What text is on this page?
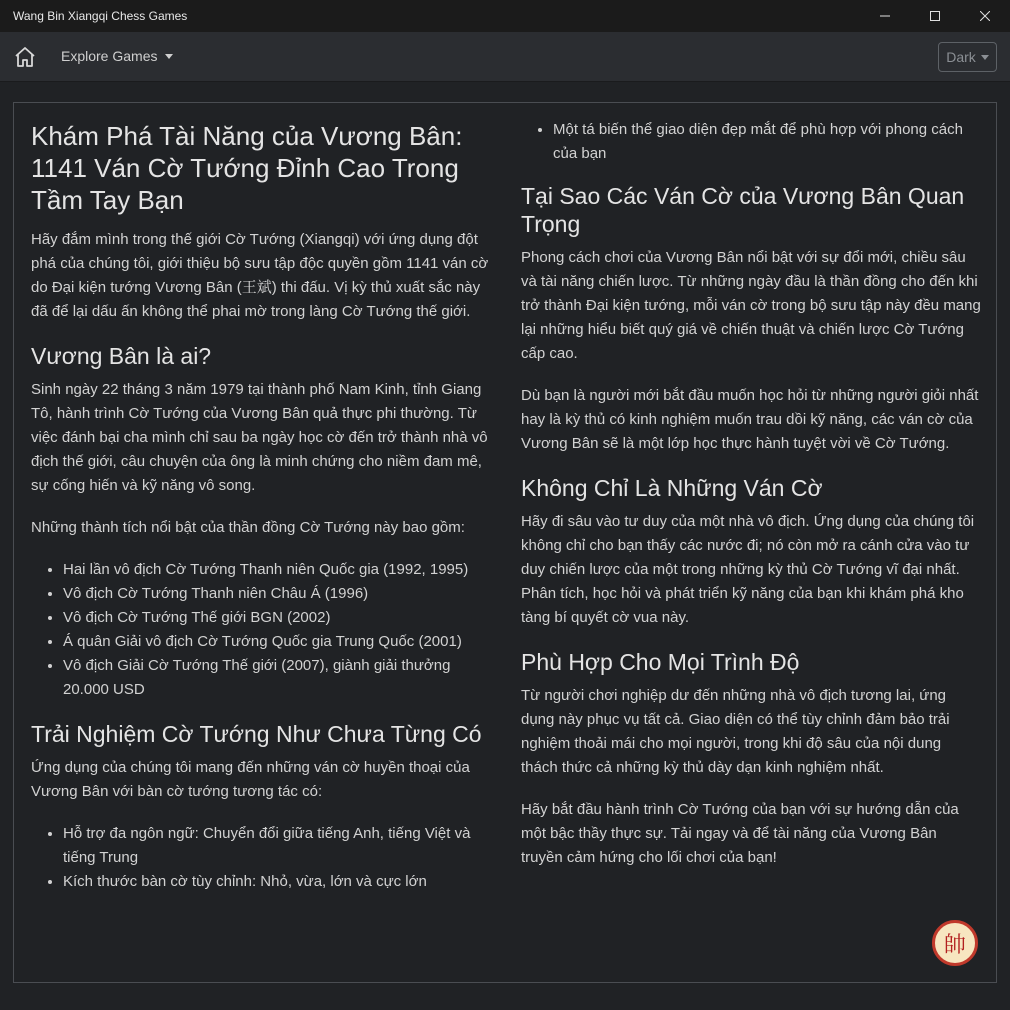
Wang Bin Xiangqi Chess Games
Explore Games	Dark
Khám Phá Tài Năng của Vương Bân: 1141 Ván Cờ Tướng Đỉnh Cao Trong Tầm Tay Bạn

Hãy đắm mình trong thế giới Cờ Tướng (Xiangqi) với ứng dụng đột phá của chúng tôi, giới thiệu bộ sưu tập độc quyền gồm 1141 ván cờ do Đại kiện tướng Vương Bân (王斌) thi đấu. Vị kỳ thủ xuất sắc này đã để lại dấu ấn không thể phai mờ trong làng Cờ Tướng thế giới.

Vương Bân là ai?

Sinh ngày 22 tháng 3 năm 1979 tại thành phố Nam Kinh, tỉnh Giang Tô, hành trình Cờ Tướng của Vương Bân quả thực phi thường. Từ việc đánh bại cha mình chỉ sau ba ngày học cờ đến trở thành nhà vô địch thế giới, câu chuyện của ông là minh chứng cho niềm đam mê, sự cống hiến và kỹ năng vô song.

Những thành tích nổi bật của thần đồng Cờ Tướng này bao gồm:

• Hai lần vô địch Cờ Tướng Thanh niên Quốc gia (1992, 1995)
• Vô địch Cờ Tướng Thanh niên Châu Á (1996)
• Vô địch Cờ Tướng Thế giới BGN (2002)
• Á quân Giải vô địch Cờ Tướng Quốc gia Trung Quốc (2001)
• Vô địch Giải Cờ Tướng Thế giới (2007), giành giải thưởng 20.000 USD
Trải Nghiệm Cờ Tướng Như Chưa Từng Có

Ứng dụng của chúng tôi mang đến những ván cờ huyền thoại của Vương Bân với bàn cờ tướng tương tác có:

• Hỗ trợ đa ngôn ngữ: Chuyển đổi giữa tiếng Anh, tiếng Việt và tiếng Trung
• Kích thước bàn cờ tùy chỉnh: Nhỏ, vừa, lớn và cực lớn
• Một tá biến thể giao diện đẹp mắt để phù hợp với phong cách của bạn
Tại Sao Các Ván Cờ của Vương Bân Quan Trọng

Phong cách chơi của Vương Bân nổi bật với sự đổi mới, chiều sâu và tài năng chiến lược. Từ những ngày đầu là thần đồng cho đến khi trở thành Đại kiện tướng, mỗi ván cờ trong bộ sưu tập này đều mang lại những hiểu biết quý giá về chiến thuật và chiến lược Cờ Tướng cấp cao.

Dù bạn là người mới bắt đầu muốn học hỏi từ những người giỏi nhất hay là kỳ thủ có kinh nghiệm muốn trau dồi kỹ năng, các ván cờ của Vương Bân sẽ là một lớp học thực hành tuyệt vời về Cờ Tướng.

Không Chỉ Là Những Ván Cờ

Hãy đi sâu vào tư duy của một nhà vô địch. Ứng dụng của chúng tôi không chỉ cho bạn thấy các nước đi; nó còn mở ra cánh cửa vào tư duy chiến lược của một trong những kỳ thủ Cờ Tướng vĩ đại nhất. Phân tích, học hỏi và phát triển kỹ năng của bạn khi khám phá kho tàng bí quyết cờ vua này.

Phù Hợp Cho Mọi Trình Độ

Từ người chơi nghiệp dư đến những nhà vô địch tương lai, ứng dụng này phục vụ tất cả. Giao diện có thể tùy chỉnh đảm bảo trải nghiệm thoải mái cho mọi người, trong khi độ sâu của nội dung thách thức cả những kỳ thủ dày dạn kinh nghiệm nhất.

Hãy bắt đầu hành trình Cờ Tướng của bạn với sự hướng dẫn của một bậc thầy thực sự. Tải ngay và để tài năng của Vương Bân truyền cảm hứng cho lối chơi của bạn!

帥
